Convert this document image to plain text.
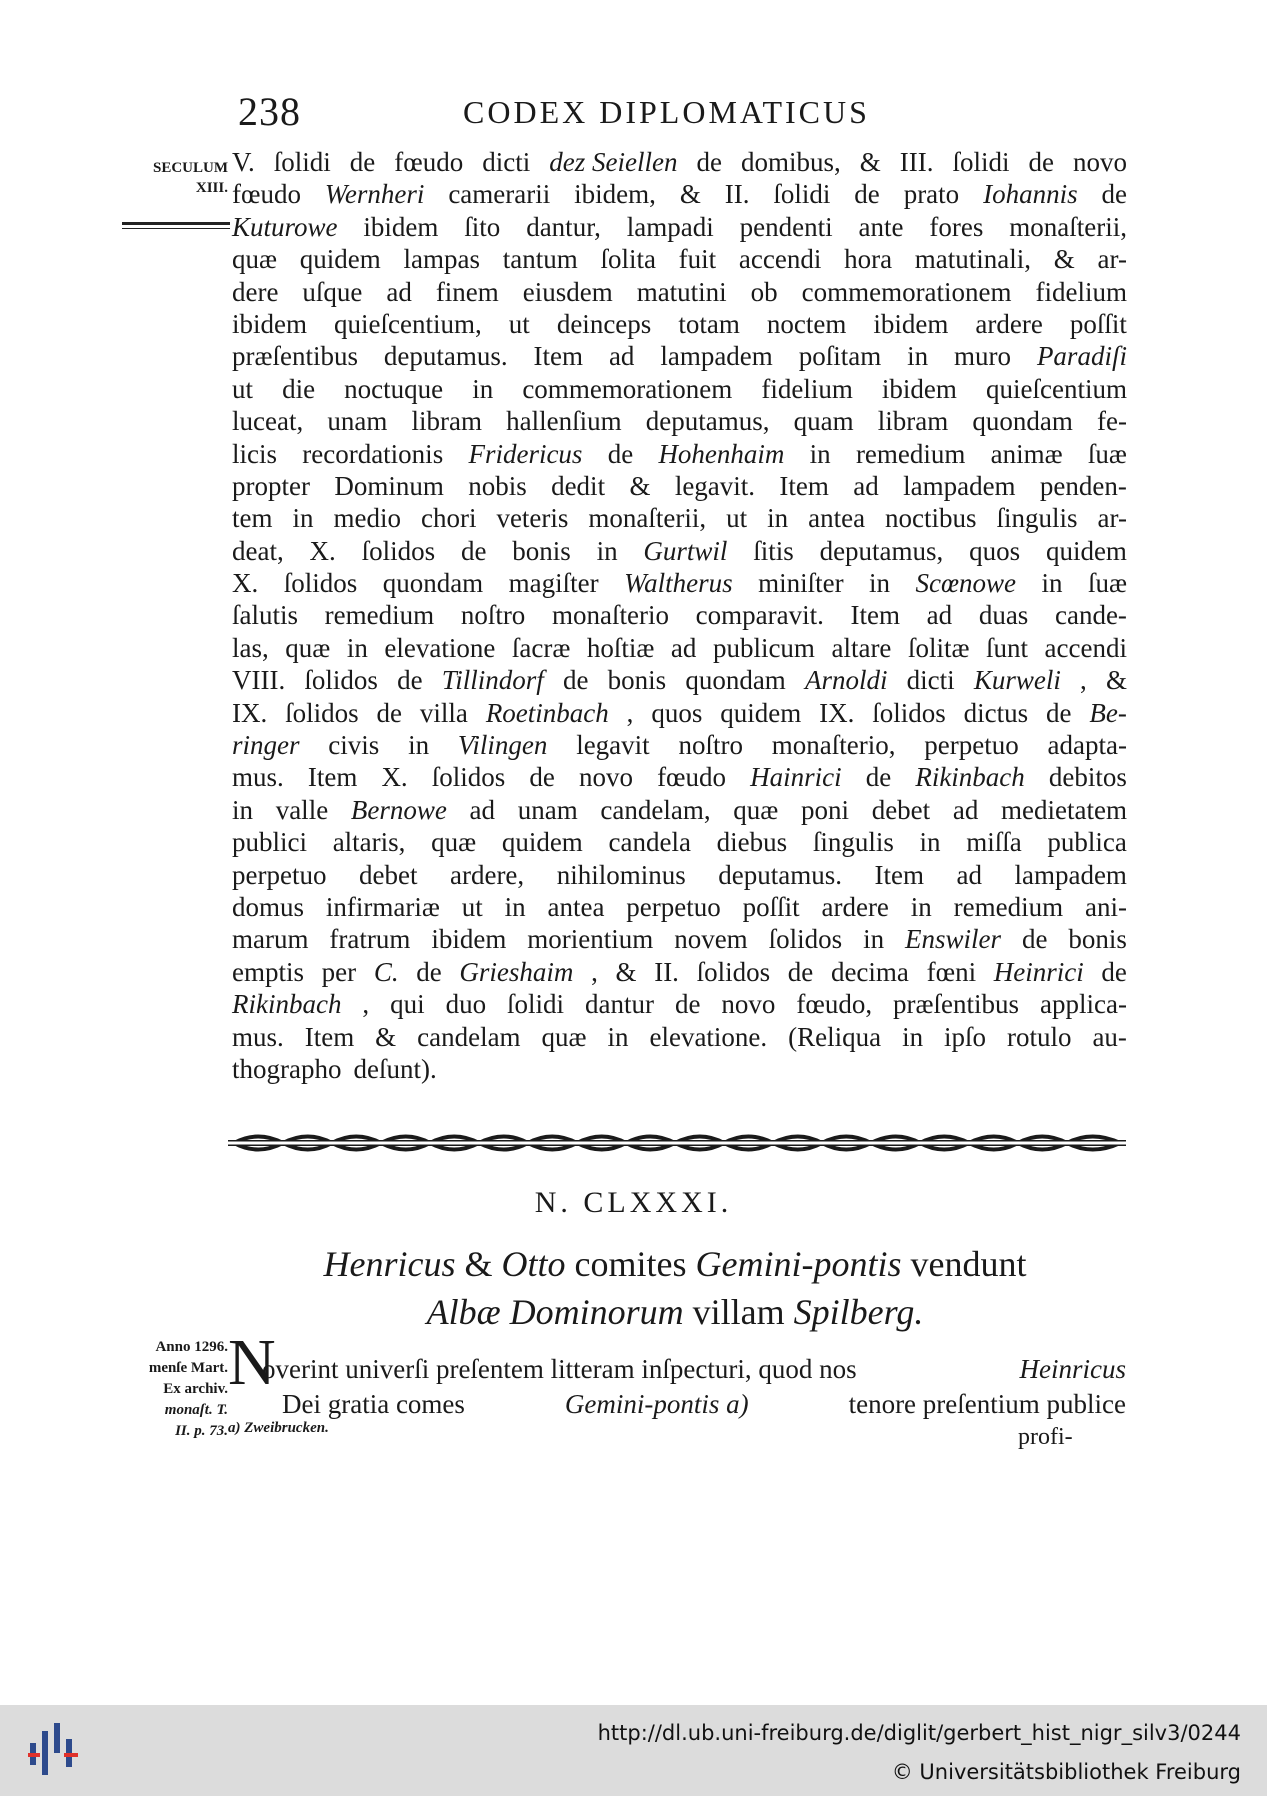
238	CODEX DIPLOMATICUS
SECULUM
XIII.
V. ſolidi de fœudo dicti dez Seiellen de domibus, & III. ſolidi de novo
fœudo Wernheri camerarii ibidem, & II. ſolidi de prato Iohannis de
Kuturowe ibidem ſito dantur, lampadi pendenti ante fores monaſterii,
quæ quidem lampas tantum ſolita fuit accendi hora matutinali, & ar-
dere uſque ad finem eiusdem matutini ob commemorationem fidelium
ibidem quieſcentium, ut deinceps totam noctem ibidem ardere poſſit
præſentibus deputamus. Item ad lampadem poſitam in muro Paradiſi
ut die noctuque in commemorationem fidelium ibidem quieſcentium
luceat, unam libram hallenſium deputamus, quam libram quondam fe-
licis recordationis Fridericus de Hohenhaim in remedium animæ ſuæ
propter Dominum nobis dedit & legavit. Item ad lampadem penden-
tem in medio chori veteris monaſterii, ut in antea noctibus ſingulis ar-
deat, X. ſolidos de bonis in Gurtwil ſitis deputamus, quos quidem
X. ſolidos quondam magiſter Waltherus miniſter in Scœnowe in ſuæ
ſalutis remedium noſtro monaſterio comparavit. Item ad duas cande-
las, quæ in elevatione ſacræ hoſtiæ ad publicum altare ſolitæ ſunt accendi
VIII. ſolidos de Tillindorf de bonis quondam Arnoldi dicti Kurweli , &
IX. ſolidos de villa Roetinbach , quos quidem IX. ſolidos dictus de Be-
ringer civis in Vilingen legavit noſtro monaſterio, perpetuo adapta-
mus. Item X. ſolidos de novo fœudo Hainrici de Rikinbach debitos
in valle Bernowe ad unam candelam, quæ poni debet ad medietatem
publici altaris, quæ quidem candela diebus ſingulis in miſſa publica
perpetuo debet ardere, nihilominus deputamus. Item ad lampadem
domus infirmariæ ut in antea perpetuo poſſit ardere in remedium ani-
marum fratrum ibidem morientium novem ſolidos in Enswiler de bonis
emptis per C. de Grieshaim , & II. ſolidos de decima fœni Heinrici de
Rikinbach , qui duo ſolidi dantur de novo fœudo, præſentibus applica-
mus. Item & candelam quæ in elevatione. (Reliqua in ipſo rotulo au-
thographo deſunt).
N. CLXXXI.
Henricus & Otto comites Gemini-pontis vendunt
Albæ Dominorum villam Spilberg.
Anno 1296.
menſe Mart.
Ex archiv.
monaſt. T.
II. p. 73.
N
overint univerſi preſentem litteram inſpecturi, quod nos	Heinricus
Dei gratia comes	Gemini-pontis a)	tenore preſentium publice
a) Zweibrucken.	profi-
http://dl.ub.uni-freiburg.de/diglit/gerbert_hist_nigr_silv3/0244
© Universitätsbibliothek Freiburg
